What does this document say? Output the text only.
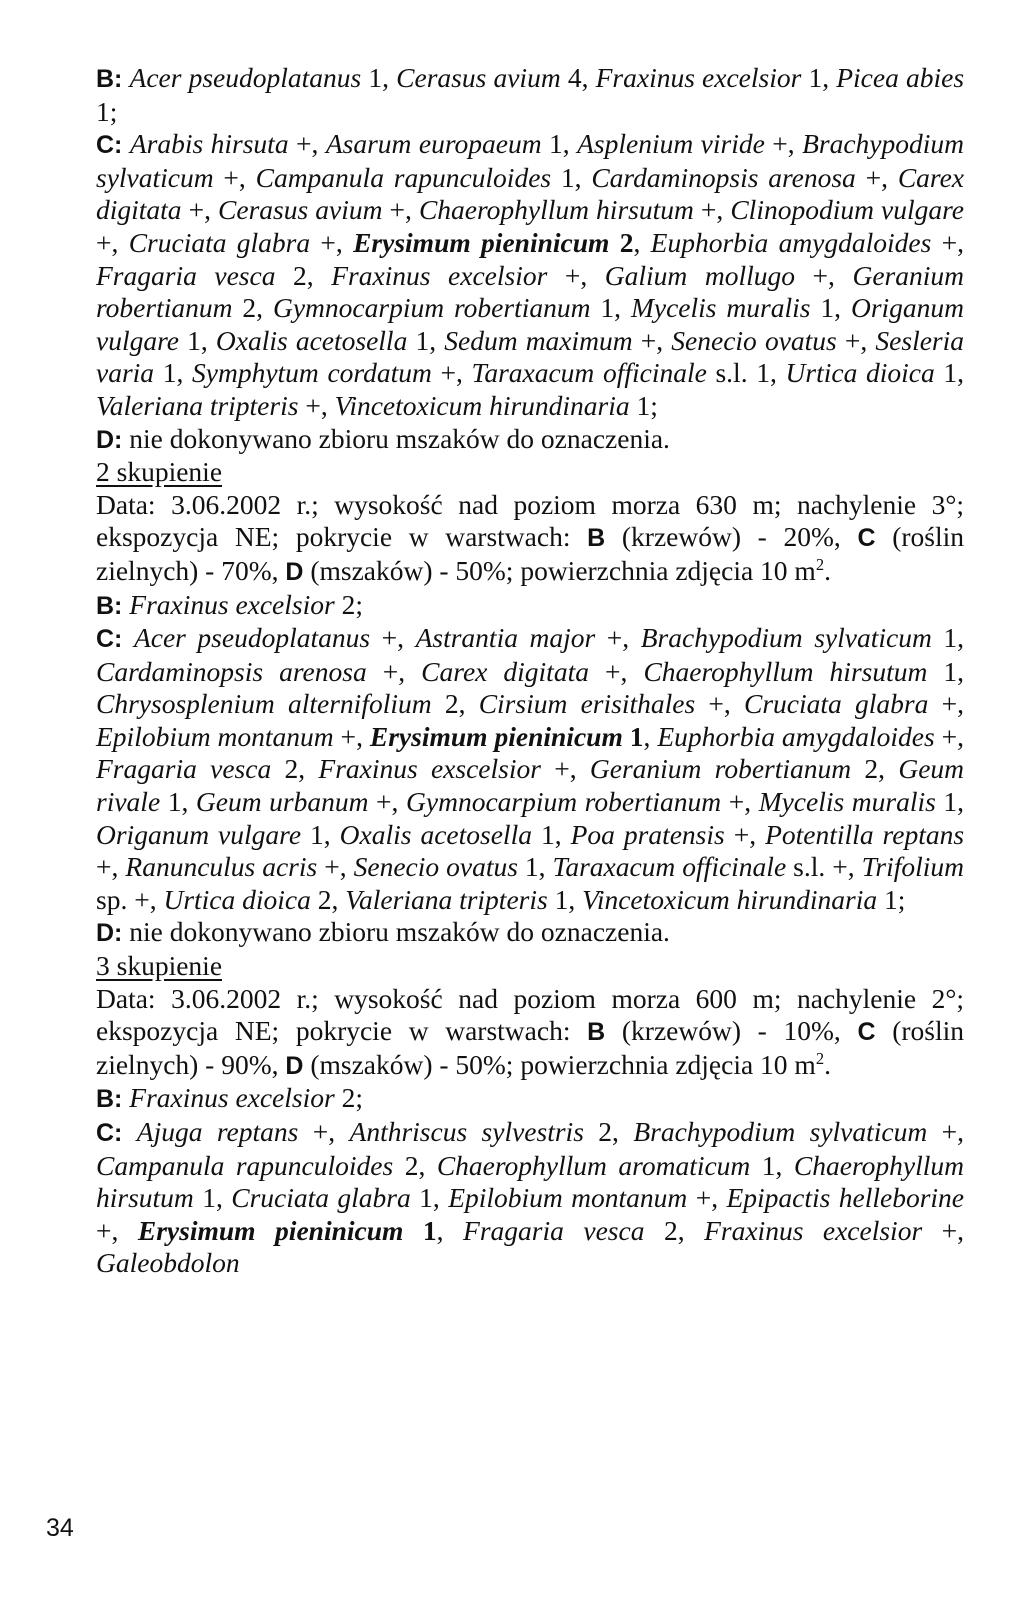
B: Acer pseudoplatanus 1, Cerasus avium 4, Fraxinus excelsior 1, Picea abies 1;

C: Arabis hirsuta +, Asarum europaeum 1, Asplenium viride +, Brachypodium sylvaticum +, Campanula rapunculoides 1, Cardaminopsis arenosa +, Carex digitata +, Cerasus avium +, Chaerophyllum hirsutum +, Clinopodium vulgare +, Cruciata glabra +, Erysimum pieninicum 2, Euphorbia amygdaloides +, Fragaria vesca 2, Fraxinus excelsior +, Galium mollugo +, Geranium robertianum 2, Gymnocarpium robertianum 1, Mycelis muralis 1, Origanum vulgare 1, Oxalis acetosella 1, Sedum maximum +, Senecio ovatus +, Sesleria varia 1, Symphytum cordatum +, Taraxacum officinale s.l. 1, Urtica dioica 1, Valeriana tripteris +, Vincetoxicum hirundinaria 1;

D: nie dokonywano zbioru mszaków do oznaczenia.

2 skupienie

Data: 3.06.2002 r.; wysokość nad poziom morza 630 m; nachylenie 3°; ekspozycja NE; pokrycie w warstwach: B (krzewów) - 20%, C (roślin zielnych) - 70%, D (mszaków) - 50%; powierzchnia zdjęcia 10 $m^2$.

B: Fraxinus excelsior 2;

C: Acer pseudoplatanus +, Astrantia major +, Brachypodium sylvaticum 1, Cardaminopsis arenosa +, Carex digitata +, Chaerophyllum hirsutum 1, Chrysosplenium alternifolium 2, Cirsium erisithales +, Cruciata glabra +, Epilobium montanum +, Erysimum pieninicum 1, Euphorbia amygdaloides +, Fragaria vesca 2, Fraxinus exscelsior +, Geranium robertianum 2, Geum rivale 1, Geum urbanum +, Gymnocarpium robertianum +, Mycelis muralis 1, Origanum vulgare 1, Oxalis acetosella 1, Poa pratensis +, Potentilla reptans +, Ranunculus acris +, Senecio ovatus 1, Taraxacum officinale s.l. +, Trifolium sp. +, Urtica dioica 2, Valeriana tripteris 1, Vincetoxicum hirundinaria 1;

D: nie dokonywano zbioru mszaków do oznaczenia.

3 skupienie

Data: 3.06.2002 r.; wysokość nad poziom morza 600 m; nachylenie 2°; ekspozycja NE; pokrycie w warstwach: B (krzewów) - 10%, C (roślin zielnych) - 90%, D (mszaków) - 50%; powierzchnia zdjęcia 10 $m^2$.

B: Fraxinus excelsior 2;

C: Ajuga reptans +, Anthriscus sylvestris 2, Brachypodium sylvaticum +, Campanula rapunculoides 2, Chaerophyllum aromaticum 1, Chaerophyllum hirsutum 1, Cruciata glabra 1, Epilobium montanum +, Epipactis helleborine +, Erysimum pieninicum 1, Fragaria vesca 2, Fraxinus excelsior +, Galeobdolon

34
